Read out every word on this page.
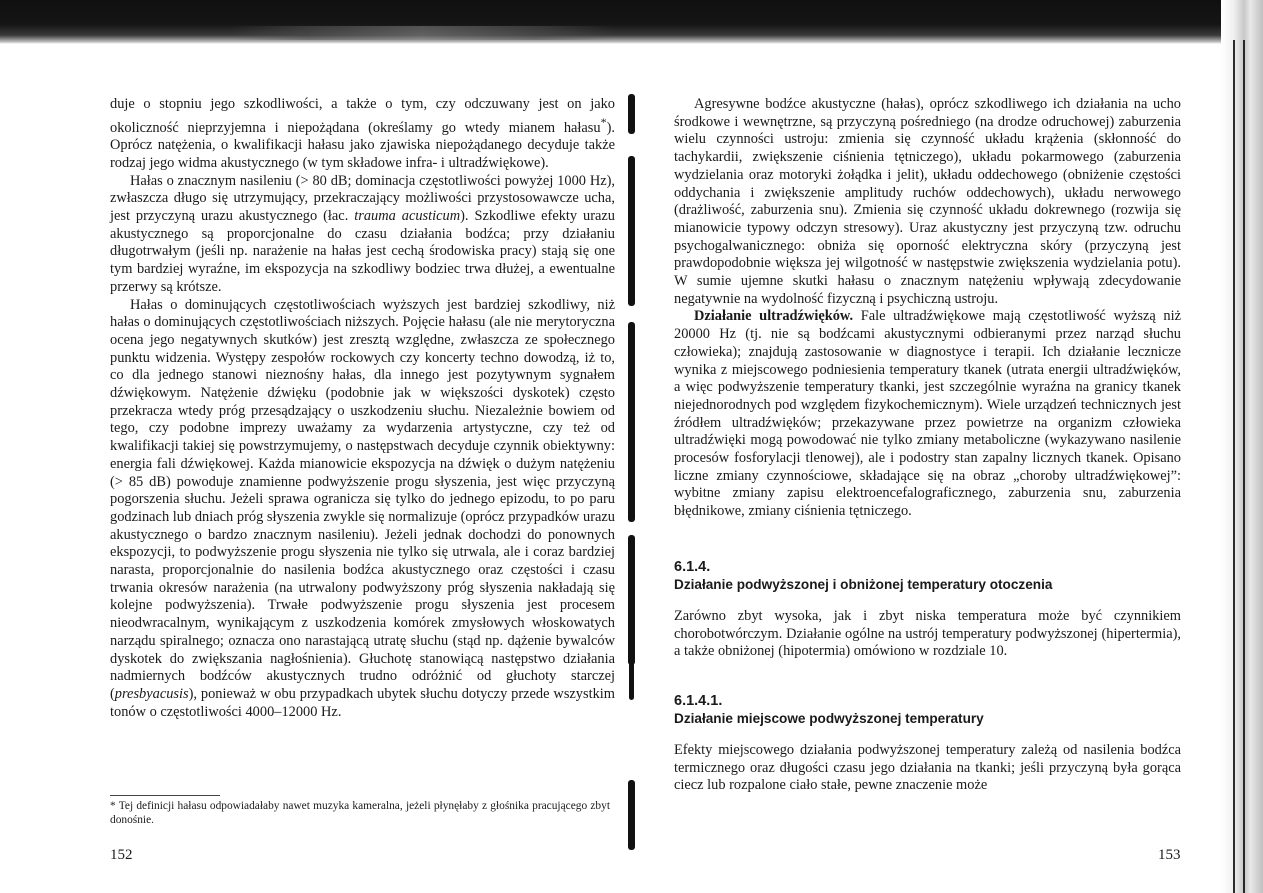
duje o stopniu jego szkodliwości, a także o tym, czy odczuwany jest on jako okoliczność nieprzyjemna i niepożądana (określamy go wtedy mianem hałasu*). Oprócz natężenia, o kwalifikacji hałasu jako zjawiska niepożądanego decyduje także rodzaj jego widma akustycznego (w tym składowe infra- i ultradźwiękowe).

Hałas o znacznym nasileniu (> 80 dB; dominacja częstotliwości powyżej 1000 Hz), zwłaszcza długo się utrzymujący, przekraczający możliwości przystosowawcze ucha, jest przyczyną urazu akustycznego (łac. trauma acusticum). Szkodliwe efekty urazu akustycznego są proporcjonalne do czasu działania bodźca; przy działaniu długotrwałym (jeśli np. narażenie na hałas jest cechą środowiska pracy) stają się one tym bardziej wyraźne, im ekspozycja na szkodliwy bodziec trwa dłużej, a ewentualne przerwy są krótsze.

Hałas o dominujących częstotliwościach wyższych jest bardziej szkodliwy, niż hałas o dominujących częstotliwościach niższych. Pojęcie hałasu (ale nie merytoryczna ocena jego negatywnych skutków) jest zresztą względne, zwłaszcza ze społecznego punktu widzenia. Występy zespołów rockowych czy koncerty techno dowodzą, iż to, co dla jednego stanowi nieznośny hałas, dla innego jest pozytywnym sygnałem dźwiękowym. Natężenie dźwięku (podobnie jak w większości dyskotek) często przekracza wtedy próg przesądzający o uszkodzeniu słuchu. Niezależnie bowiem od tego, czy podobne imprezy uważamy za wydarzenia artystyczne, czy też od kwalifikacji takiej się powstrzymujemy, o następstwach decyduje czynnik obiektywny: energia fali dźwiękowej. Każda mianowicie ekspozycja na dźwięk o dużym natężeniu (> 85 dB) powoduje znamienne podwyższenie progu słyszenia, jest więc przyczyną pogorszenia słuchu. Jeżeli sprawa ogranicza się tylko do jednego epizodu, to po paru godzinach lub dniach próg słyszenia zwykle się normalizuje (oprócz przypadków urazu akustycznego o bardzo znacznym nasileniu). Jeżeli jednak dochodzi do ponownych ekspozycji, to podwyższenie progu słyszenia nie tylko się utrwala, ale i coraz bardziej narasta, proporcjonalnie do nasilenia bodźca akustycznego oraz częstości i czasu trwania okresów narażenia (na utrwalony podwyższony próg słyszenia nakładają się kolejne podwyższenia). Trwałe podwyższenie progu słyszenia jest procesem nieodwracalnym, wynikającym z uszkodzenia komórek zmysłowych włoskowatych narządu spiralnego; oznacza ono narastającą utratę słuchu (stąd np. dążenie bywalców dyskotek do zwiększania nagłośnienia). Głuchotę stanowiącą następstwo działania nadmiernych bodźców akustycznych trudno odróżnić od głuchoty starczej (presbyacusis), ponieważ w obu przypadkach ubytek słuchu dotyczy przede wszystkim tonów o częstotliwości 4000–12000 Hz.

* Tej definicji hałasu odpowiadałaby nawet muzyka kameralna, jeżeli płynęłaby z głośnika pracującego zbyt donośnie.

152

Agresywne bodźce akustyczne (hałas), oprócz szkodliwego ich działania na ucho środkowe i wewnętrzne, są przyczyną pośredniego (na drodze odruchowej) zaburzenia wielu czynności ustroju: zmienia się czynność układu krążenia (skłonność do tachykardii, zwiększenie ciśnienia tętniczego), układu pokarmowego (zaburzenia wydzielania oraz motoryki żołądka i jelit), układu oddechowego (obniżenie częstości oddychania i zwiększenie amplitudy ruchów oddechowych), układu nerwowego (drażliwość, zaburzenia snu). Zmienia się czynność układu dokrewnego (rozwija się mianowicie typowy odczyn stresowy). Uraz akustyczny jest przyczyną tzw. odruchu psychogalwanicznego: obniża się oporność elektryczna skóry (przyczyną jest prawdopodobnie większa jej wilgotność w następstwie zwiększenia wydzielania potu). W sumie ujemne skutki hałasu o znacznym natężeniu wpływają zdecydowanie negatywnie na wydolność fizyczną i psychiczną ustroju.

Działanie ultradźwięków. Fale ultradźwiękowe mają częstotliwość wyższą niż 20000 Hz (tj. nie są bodźcami akustycznymi odbieranymi przez narząd słuchu człowieka); znajdują zastosowanie w diagnostyce i terapii. Ich działanie lecznicze wynika z miejscowego podniesienia temperatury tkanek (utrata energii ultradźwięków, a więc podwyższenie temperatury tkanki, jest szczególnie wyraźna na granicy tkanek niejednorodnych pod względem fizykochemicznym). Wiele urządzeń technicznych jest źródłem ultradźwięków; przekazywane przez powietrze na organizm człowieka ultradźwięki mogą powodować nie tylko zmiany metaboliczne (wykazywano nasilenie procesów fosforylacji tlenowej), ale i podostry stan zapalny licznych tkanek. Opisano liczne zmiany czynnościowe, składające się na obraz „choroby ultradźwiękowej”: wybitne zmiany zapisu elektroencefalograficznego, zaburzenia snu, zaburzenia błędnikowe, zmiany ciśnienia tętniczego.

6.1.4.

Działanie podwyższonej i obniżonej temperatury otoczenia

Zarówno zbyt wysoka, jak i zbyt niska temperatura może być czynnikiem chorobotwórczym. Działanie ogólne na ustrój temperatury podwyższonej (hipertermia), a także obniżonej (hipotermia) omówiono w rozdziale 10.

6.1.4.1.

Działanie miejscowe podwyższonej temperatury

Efekty miejscowego działania podwyższonej temperatury zależą od nasilenia bodźca termicznego oraz długości czasu jego działania na tkanki; jeśli przyczyną była gorąca ciecz lub rozpalone ciało stałe, pewne znaczenie może

153
